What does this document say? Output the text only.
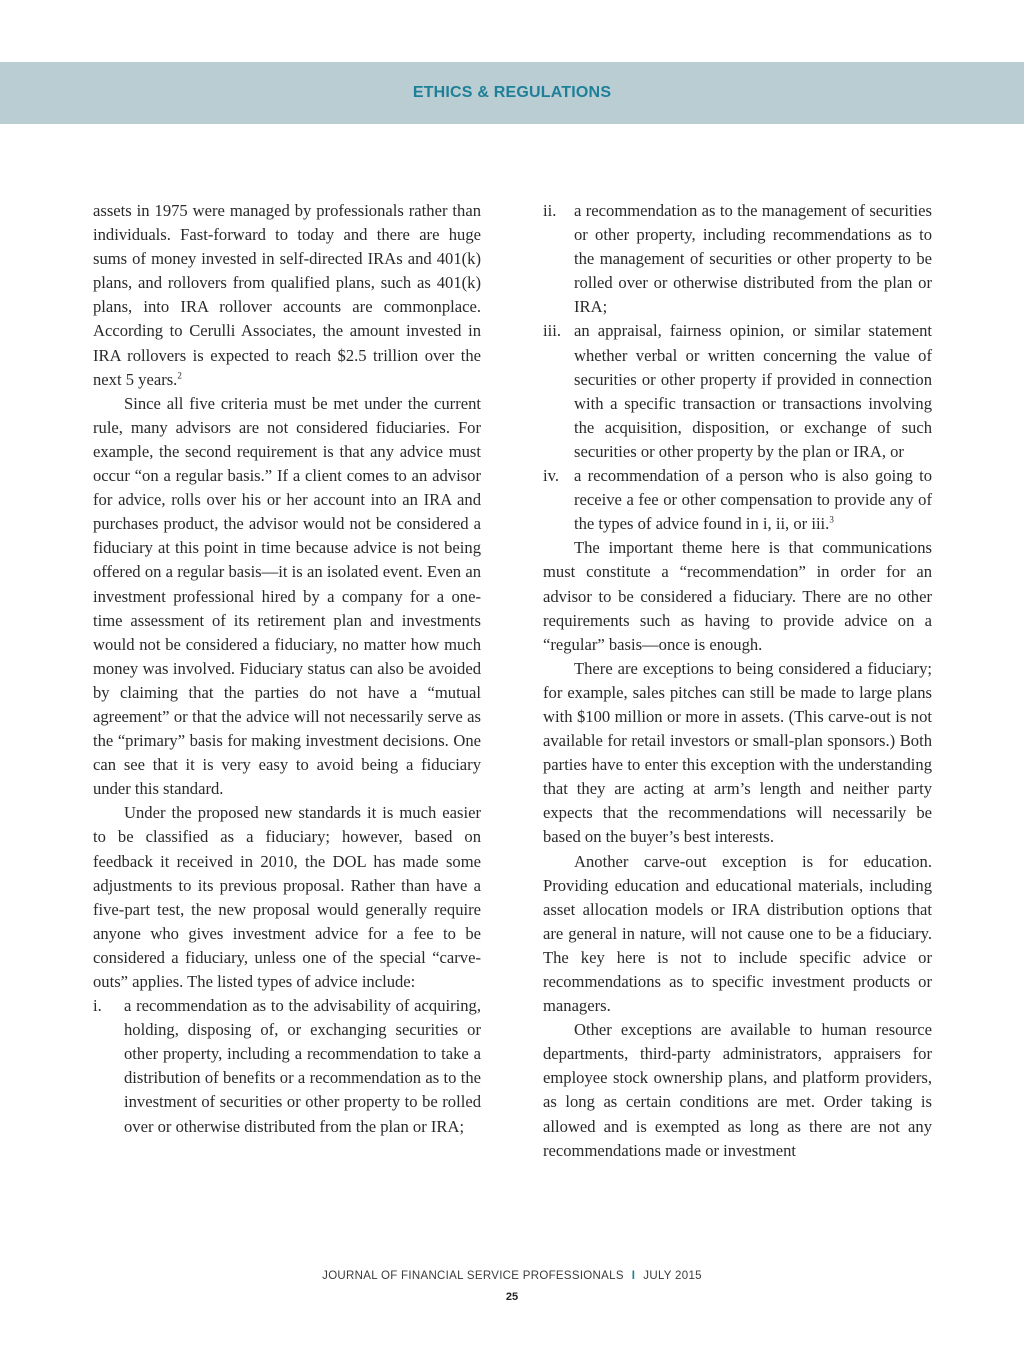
ETHICS & REGULATIONS

assets in 1975 were managed by professionals rather than individuals. Fast-forward to today and there are huge sums of money invested in self-directed IRAs and 401(k) plans, and rollovers from qualified plans, such as 401(k) plans, into IRA rollover accounts are commonplace. According to Cerulli Associates, the amount invested in IRA rollovers is expected to reach $2.5 trillion over the next 5 years.$^2$

Since all five criteria must be met under the current rule, many advisors are not considered fiduciaries. For example, the second requirement is that any advice must occur “on a regular basis.” If a client comes to an advisor for advice, rolls over his or her account into an IRA and purchases product, the advisor would not be considered a fiduciary at this point in time because advice is not being offered on a regular basis—it is an isolated event. Even an investment professional hired by a company for a one-time assessment of its retirement plan and investments would not be considered a fiduciary, no matter how much money was involved. Fiduciary status can also be avoided by claiming that the parties do not have a “mutual agreement” or that the advice will not necessarily serve as the “primary” basis for making investment decisions. One can see that it is very easy to avoid being a fiduciary under this standard.

Under the proposed new standards it is much easier to be classified as a fiduciary; however, based on feedback it received in 2010, the DOL has made some adjustments to its previous proposal. Rather than have a five-part test, the new proposal would generally require anyone who gives investment advice for a fee to be considered a fiduciary, unless one of the special “carve-outs” applies. The listed types of advice include:

i. a recommendation as to the advisability of acquiring, holding, disposing of, or exchanging securities or other property, including a recommendation to take a distribution of benefits or a recommendation as to the investment of securities or other property to be rolled over or otherwise distributed from the plan or IRA;
ii. a recommendation as to the management of securities or other property, including recommendations as to the management of securities or other property to be rolled over or otherwise distributed from the plan or IRA;
iii. an appraisal, fairness opinion, or similar statement whether verbal or written concerning the value of securities or other property if provided in connection with a specific transaction or transactions involving the acquisition, disposition, or exchange of such securities or other property by the plan or IRA, or
iv. a recommendation of a person who is also going to receive a fee or other compensation to provide any of the types of advice found in i, ii, or iii.$^3$

The important theme here is that communications must constitute a “recommendation” in order for an advisor to be considered a fiduciary. There are no other requirements such as having to provide advice on a “regular” basis—once is enough.

There are exceptions to being considered a fiduciary; for example, sales pitches can still be made to large plans with $100 million or more in assets. (This carve-out is not available for retail investors or small-plan sponsors.) Both parties have to enter this exception with the understanding that they are acting at arm’s length and neither party expects that the recommendations will necessarily be based on the buyer’s best interests.

Another carve-out exception is for education. Providing education and educational materials, including asset allocation models or IRA distribution options that are general in nature, will not cause one to be a fiduciary. The key here is not to include specific advice or recommendations as to specific investment products or managers.

Other exceptions are available to human resource departments, third-party administrators, appraisers for employee stock ownership plans, and platform providers, as long as certain conditions are met. Order taking is allowed and is exempted as long as there are not any recommendations made or investment

JOURNAL OF FINANCIAL SERVICE PROFESSIONALS I JULY 2015
25
